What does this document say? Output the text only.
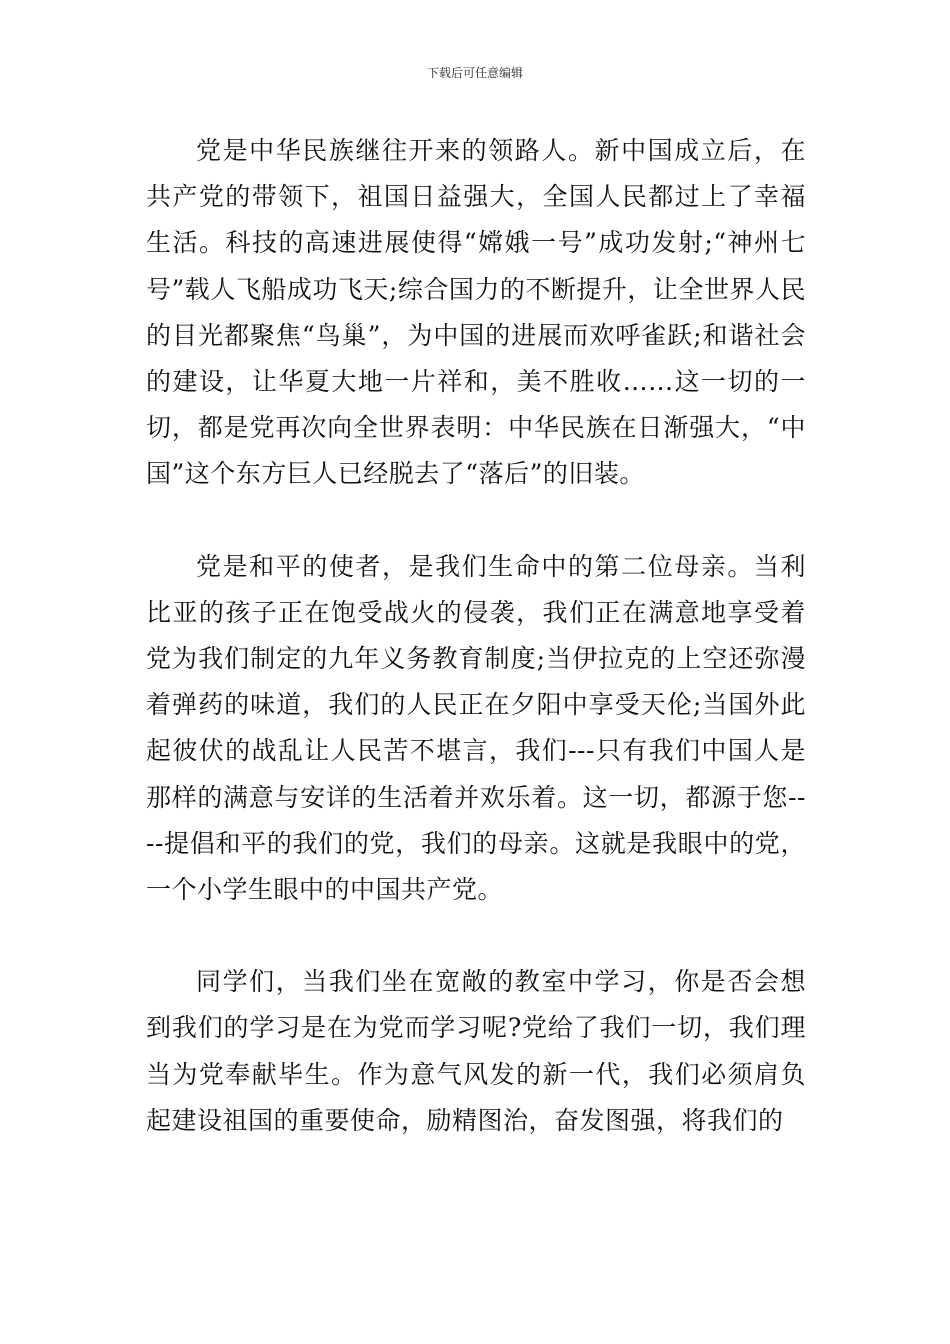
下载后可任意编辑

党是中华民族继往开来的领路人。新中国成立后，在共产党的带领下，祖国日益强大，全国人民都过上了幸福生活。科技的高速进展使得“嫦娥一号”成功发射;“神州七号”载人飞船成功飞天;综合国力的不断提升，让全世界人民的目光都聚焦“鸟巢”，为中国的进展而欢呼雀跃;和谐社会的建设，让华夏大地一片祥和，美不胜收……这一切的一切，都是党再次向全世界表明：中华民族在日渐强大，“中国”这个东方巨人已经脱去了“落后”的旧装。

党是和平的使者，是我们生命中的第二位母亲。当利比亚的孩子正在饱受战火的侵袭，我们正在满意地享受着党为我们制定的九年义务教育制度;当伊拉克的上空还弥漫着弹药的味道，我们的人民正在夕阳中享受天伦;当国外此起彼伏的战乱让人民苦不堪言，我们---只有我们中国人是那样的满意与安详的生活着并欢乐着。这一切，都源于您----提倡和平的我们的党，我们的母亲。这就是我眼中的党，一个小学生眼中的中国共产党。

同学们，当我们坐在宽敞的教室中学习，你是否会想到我们的学习是在为党而学习呢?党给了我们一切，我们理当为党奉献毕生。作为意气风发的新一代，我们必须肩负起建设祖国的重要使命，励精图治，奋发图强，将我们的
